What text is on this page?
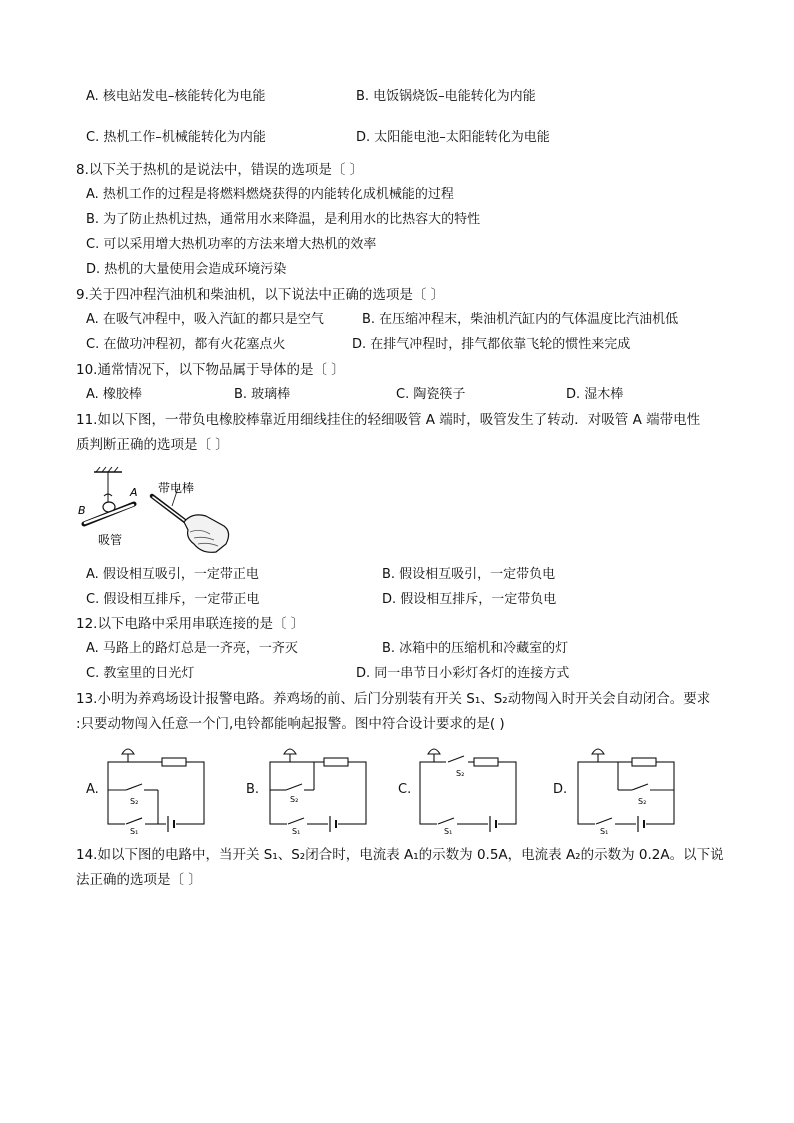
A. 核电站发电–核能转化为电能	B. 电饭锅烧饭–电能转化为内能
C. 热机工作–机械能转化为内能	D. 太阳能电池–太阳能转化为电能
8.以下关于热机的是说法中，错误的选项是〔 〕
A. 热机工作的过程是将燃料燃烧获得的内能转化成机械能的过程
B. 为了防止热机过热，通常用水来降温，是利用水的比热容大的特性
C. 可以采用增大热机功率的方法来增大热机的效率
D. 热机的大量使用会造成环境污染
9.关于四冲程汽油机和柴油机，以下说法中正确的选项是〔 〕
A. 在吸气冲程中，吸入汽缸的都只是空气	B. 在压缩冲程末，柴油机汽缸内的气体温度比汽油机低
C. 在做功冲程初，都有火花塞点火	D. 在排气冲程时，排气都依靠飞轮的惯性来完成
10.通常情况下，以下物品属于导体的是〔 〕
A. 橡胶棒	B. 玻璃棒	C. 陶瓷筷子	D. 湿木棒
11.如以下图，一带负电橡胶棒靠近用细线挂住的轻细吸管 A 端时，吸管发生了转动．对吸管 A 端带电性
质判断正确的选项是〔 〕
带电棒
A
B
吸管
A. 假设相互吸引，一定带正电	B. 假设相互吸引，一定带负电
C. 假设相互排斥，一定带正电	D. 假设相互排斥，一定带负电
12.以下电路中采用串联连接的是〔 〕
A. 马路上的路灯总是一齐亮，一齐灭	B. 冰箱中的压缩机和冷藏室的灯
C. 教室里的日光灯	D. 同一串节日小彩灯各灯的连接方式
13.小明为养鸡场设计报警电路。养鸡场的前、后门分别装有开关 S₁、S₂动物闯入时开关会自动闭合。要求
:只要动物闯入任意一个门,电铃都能响起报警。图中符合设计要求的是( )
A.
S₂
S₁
B.
S₂
S₁
C.
S₂
S₁
D.
S₂
S₁
14.如以下图的电路中，当开关 S₁、S₂闭合时，电流表 A₁的示数为 0.5A，电流表 A₂的示数为 0.2A。以下说
法正确的选项是〔 〕
